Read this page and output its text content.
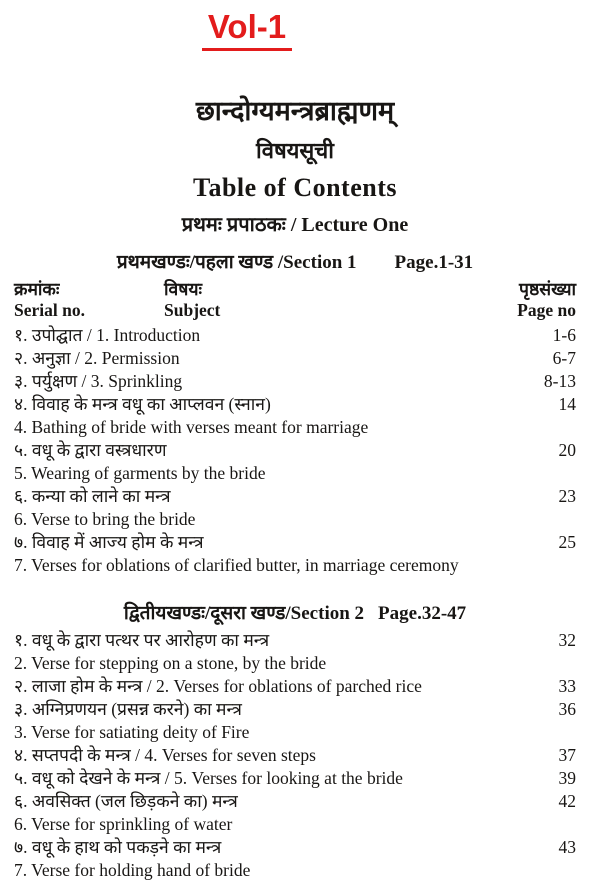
Vol-1
छान्दोग्यमन्त्रब्राह्मणम्
विषयसूची
Table of Contents
प्रथमः प्रपाठकः / Lecture One
प्रथमखण्डः/पहला खण्ड /Section 1 Page.1-31
क्रमांकः	विषयः	पृष्ठसंख्या
Serial no.	Subject	Page no
१. उपोद्घात / 1. Introduction	1-6
२. अनुज्ञा / 2. Permission	6-7
३. पर्युक्षण / 3. Sprinkling	8-13
४. विवाह के मन्त्र वधू का आप्लवन (स्नान)	14
4. Bathing of bride with verses meant for marriage
५. वधू के द्वारा वस्त्रधारण	20
5. Wearing of garments by the bride
६. कन्या को लाने का मन्त्र	23
6. Verse to bring the bride
७. विवाह में आज्य होम के मन्त्र	25
7. Verses for oblations of clarified butter, in marriage ceremony
द्वितीयखण्डः/दूसरा खण्ड/Section 2 Page.32-47
१. वधू के द्वारा पत्थर पर आरोहण का मन्त्र	32
2. Verse for stepping on a stone, by the bride
२. लाजा होम के मन्त्र / 2. Verses for oblations of parched rice	33
३. अग्निप्रणयन (प्रसन्न करने) का मन्त्र	36
3. Verse for satiating deity of Fire
४. सप्तपदी के मन्त्र / 4. Verses for seven steps	37
५. वधू को देखने के मन्त्र / 5. Verses for looking at the bride	39
६. अवसिक्त (जल छिड़कने का) मन्त्र	42
6. Verse for sprinkling of water
७. वधू के हाथ को पकड़ने का मन्त्र	43
7. Verse for holding hand of bride
